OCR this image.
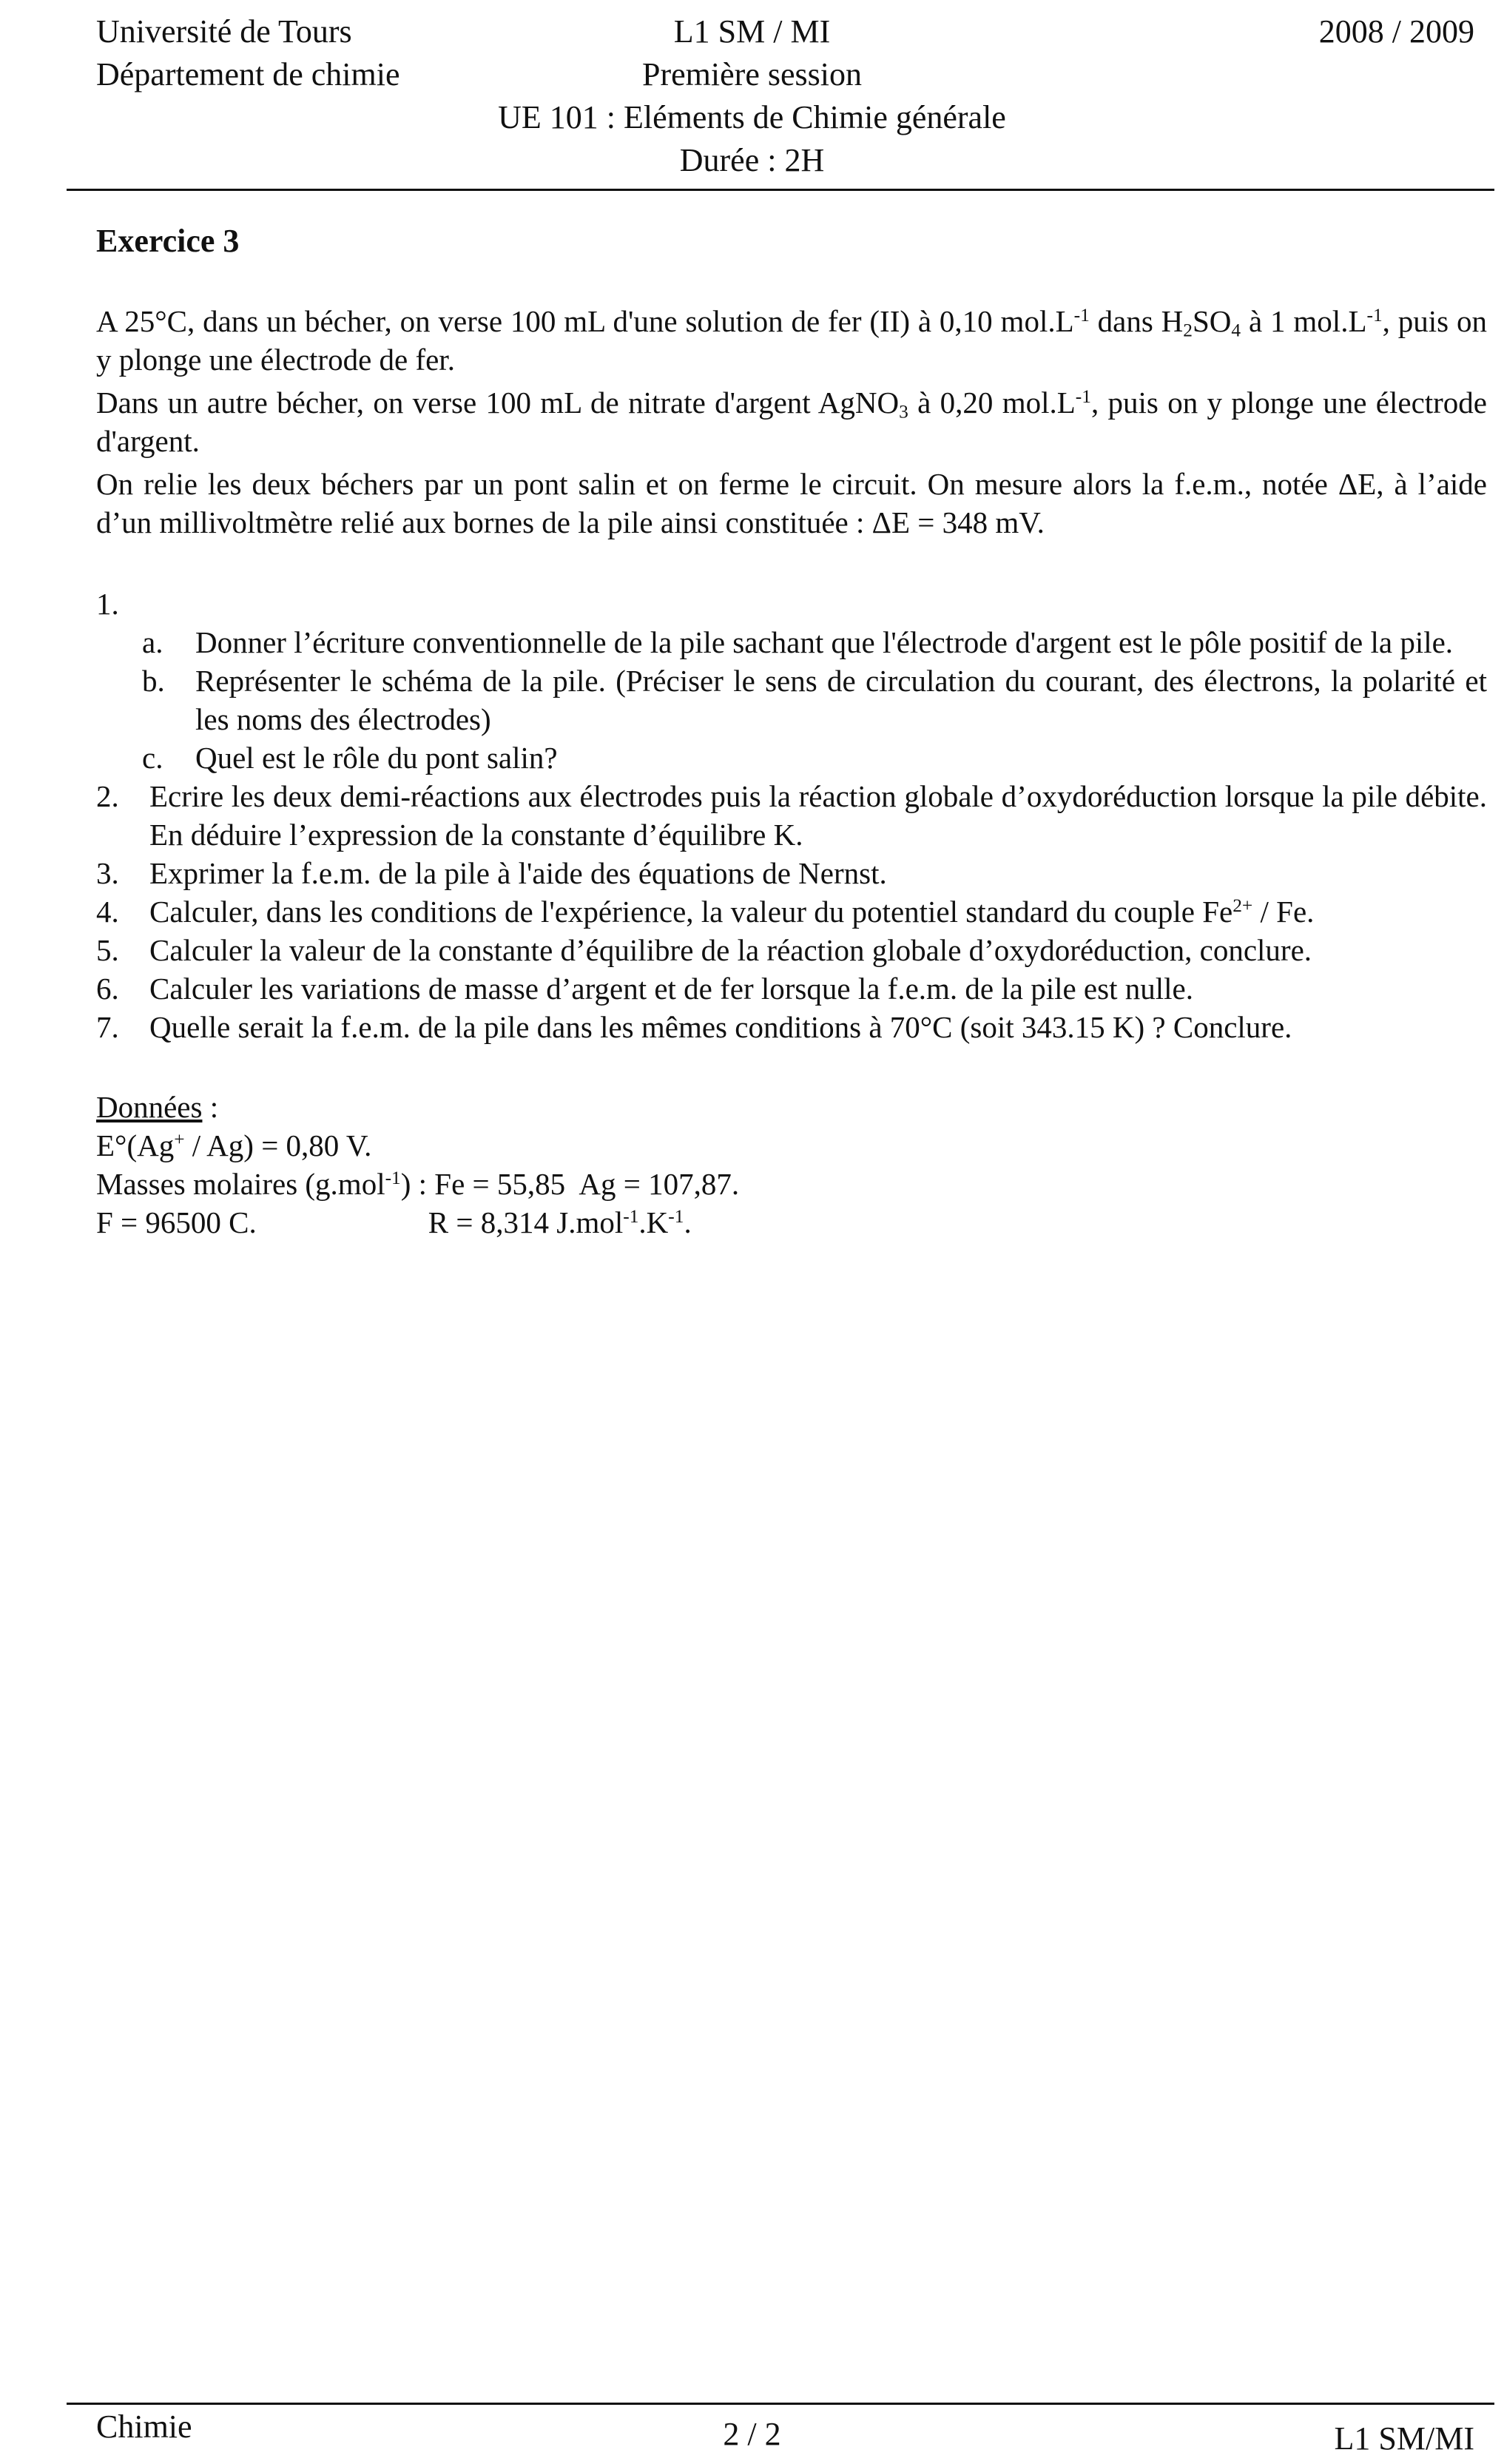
Université de Tours
Département de chimie
L1 SM / MI
Première session
UE 101 : Eléments de Chimie générale
Durée : 2H
2008 / 2009
Exercice 3
A 25°C, dans un bécher, on verse 100 mL d'une solution de fer (II) à 0,10 $mol.L^{-1}$ dans $H_2SO_4$ à 1 $mol.L^{-1}$, puis on y plonge une électrode de fer.
Dans un autre bécher, on verse 100 mL de nitrate d'argent AgNO$_3$ à 0,20 $mol.L^{-1}$, puis on y plonge une électrode d'argent.
On relie les deux béchers par un pont salin et on ferme le circuit. On mesure alors la f.e.m., notée ΔE, à l’aide d’un millivoltmètre relié aux bornes de la pile ainsi constituée : ΔE = 348 mV.
1.
a.	Donner l’écriture conventionnelle de la pile sachant que l'électrode d'argent est le pôle positif de la pile.
b.	Représenter le schéma de la pile. (Préciser le sens de circulation du courant, des électrons, la polarité et les noms des électrodes)
c.	Quel est le rôle du pont salin?
2.	Ecrire les deux demi-réactions aux électrodes puis la réaction globale d’oxydoréduction lorsque la pile débite. En déduire l’expression de la constante d’équilibre K.
3.	Exprimer la f.e.m. de la pile à l'aide des équations de Nernst.
4.	Calculer, dans les conditions de l'expérience, la valeur du potentiel standard du couple $Fe^{2+}$ / Fe.
5.	Calculer la valeur de la constante d’équilibre de la réaction globale d’oxydoréduction, conclure.
6.	Calculer les variations de masse d’argent et de fer lorsque la f.e.m. de la pile est nulle.
7.	Quelle serait la f.e.m. de la pile dans les mêmes conditions à 70°C (soit 343.15 K) ? Conclure.
Données :
E°(Ag+ / Ag) = 0,80 V.
Masses molaires (g.mol$^{-1}$) : Fe = 55,85  Ag = 107,87.
F = 96500 C.	R = 8,314 $J.mol^{-1}.K^{-1}$.
Chimie	2 / 2	L1 SM/MI
